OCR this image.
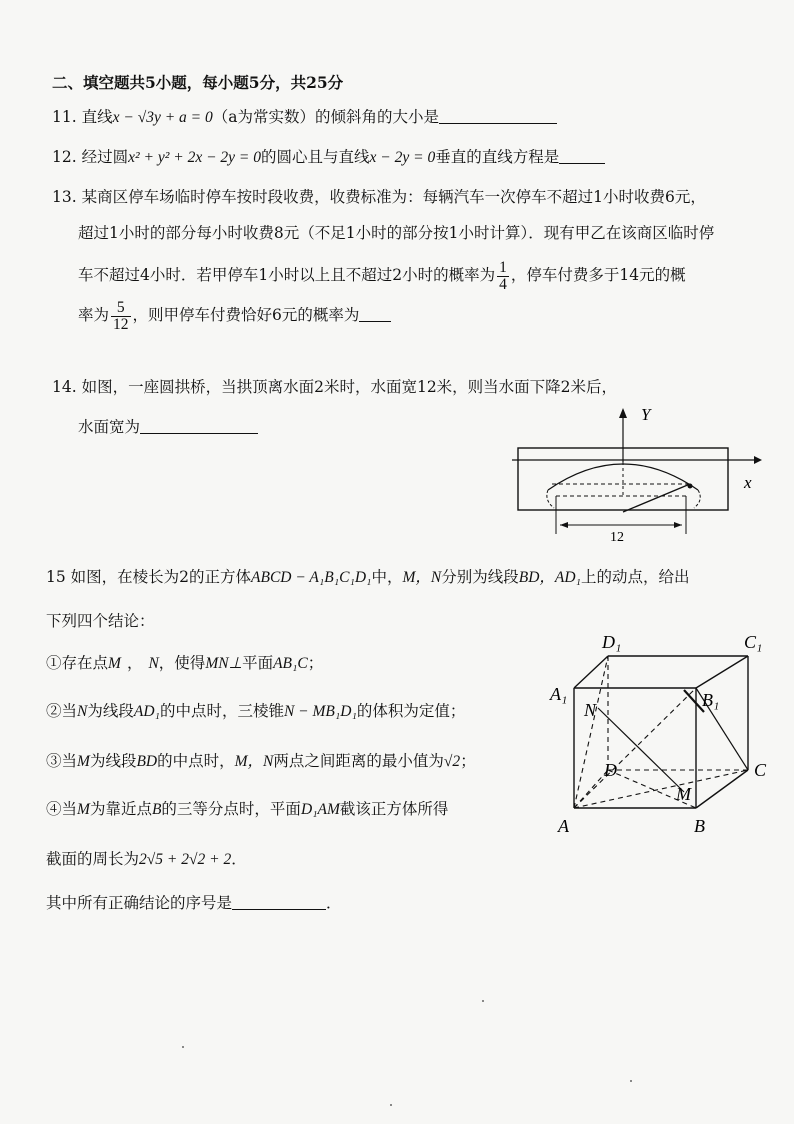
二、填空题共5小题，每小题5分，共25分
11. 直线x − √3y + a = 0（a为常实数）的倾斜角的大小是
12. 经过圆x² + y² + 2x − 2y = 0的圆心且与直线x − 2y = 0垂直的直线方程是
13. 某商区停车场临时停车按时段收费，收费标准为：每辆汽车一次停车不超过1小时收费6元，
超过1小时的部分每小时收费8元（不足1小时的部分按1小时计算）．现有甲乙在该商区临时停
车不超过4小时．若甲停车1小时以上且不超过2小时的概率为 $\frac{1}{4}$ ，停车付费多于14元的概
率为 $\frac{5}{12}$ ，则甲停车付费恰好6元的概率为
14. 如图，一座圆拱桥，当拱顶离水面2米时，水面宽12米，则当水面下降2米后，
水面宽为
Y
x
12
15 如图，在棱长为2的正方体ABCD − A₁B₁C₁D₁中，M，N分别为线段BD，AD₁上的动点，给出
下列四个结论：
①存在点M ， N，使得MN⊥平面AB₁C；
②当N为线段AD₁的中点时，三棱锥N − MB₁D₁的体积为定值；
③当M为线段BD的中点时，M，N两点之间距离的最小值为√2；
④当M为靠近点B的三等分点时，平面D₁AM截该正方体所得
截面的周长为2√5 + 2√2 + 2．
其中所有正确结论的序号是	．
D₁	C₁
A₁	B₁
N
D	C
M
A	B
